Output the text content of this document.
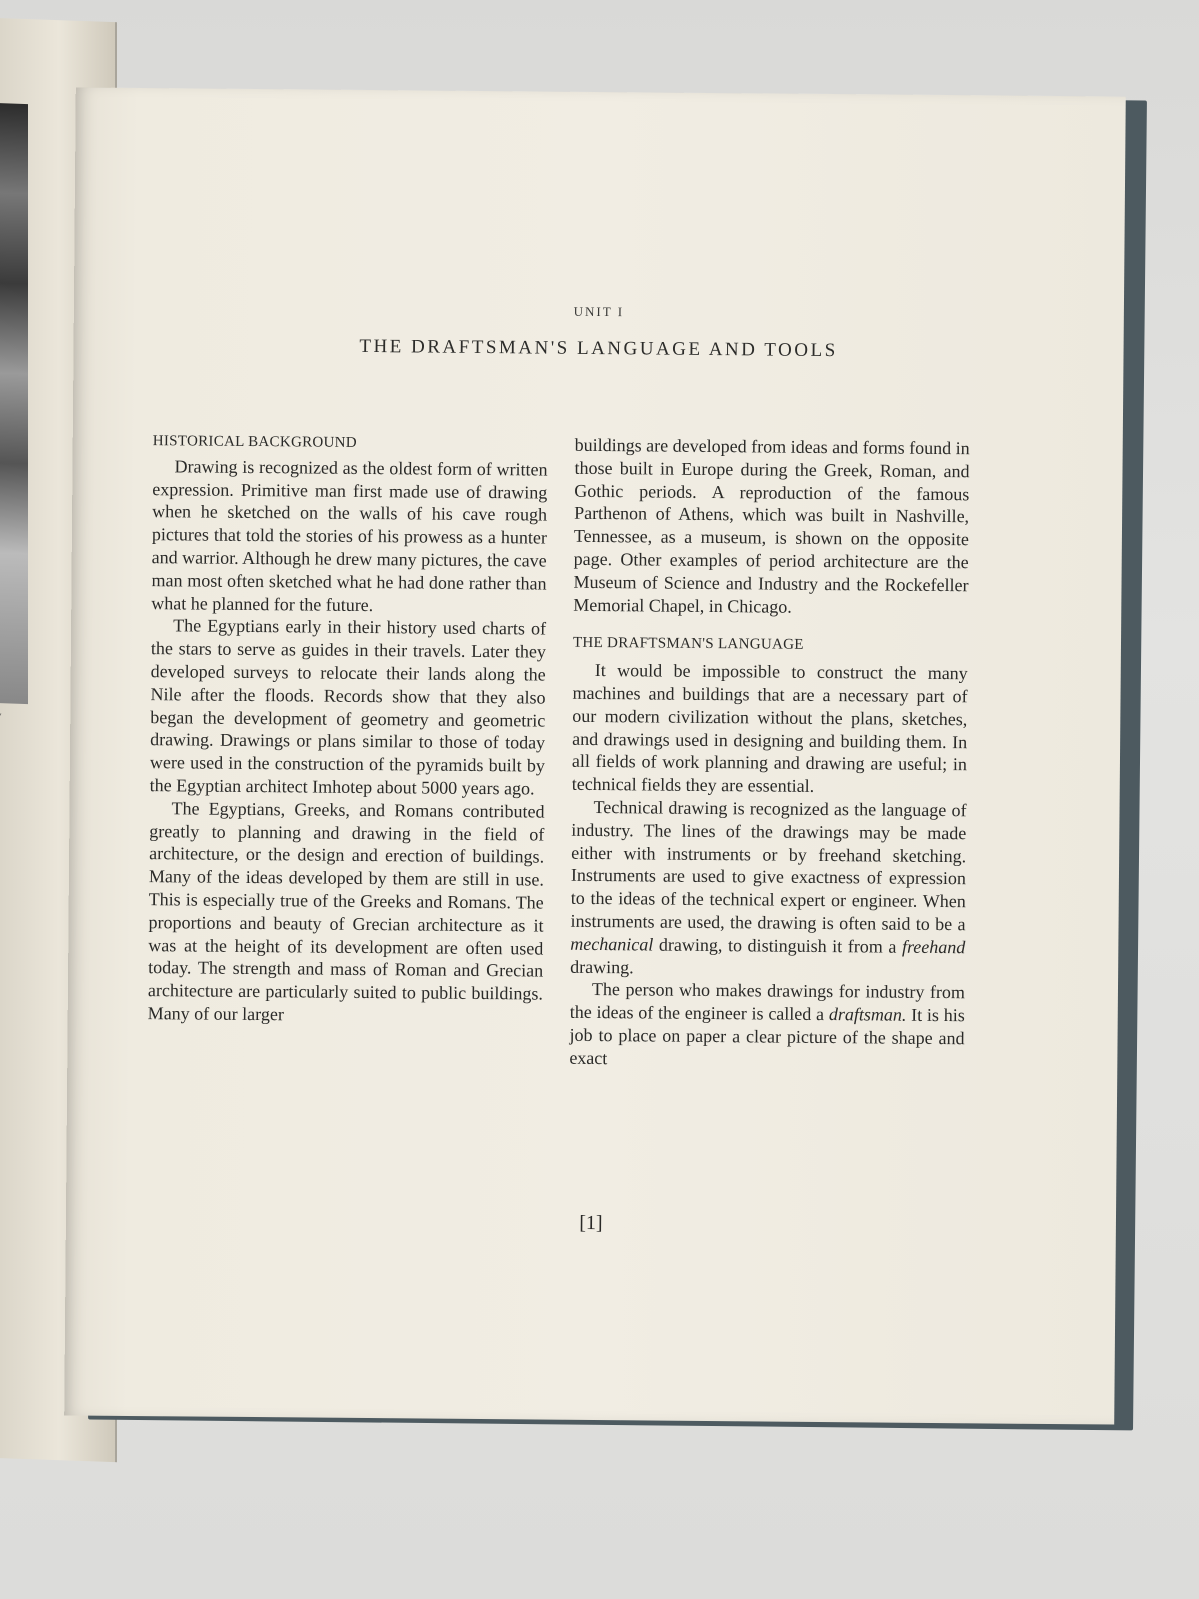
UNIT I
THE DRAFTSMAN'S LANGUAGE AND TOOLS
HISTORICAL BACKGROUND

Drawing is recognized as the oldest form of written expression. Primitive man first made use of drawing when he sketched on the walls of his cave rough pictures that told the stories of his prowess as a hunter and warrior. Although he drew many pictures, the cave man most often sketched what he had done rather than what he planned for the future.

The Egyptians early in their history used charts of the stars to serve as guides in their travels. Later they developed surveys to relocate their lands along the Nile after the floods. Records show that they also began the development of geometry and geometric drawing. Drawings or plans similar to those of today were used in the construction of the pyramids built by the Egyptian architect Imhotep about 5000 years ago.

The Egyptians, Greeks, and Romans contributed greatly to planning and drawing in the field of architecture, or the design and erection of buildings. Many of the ideas developed by them are still in use. This is especially true of the Greeks and Romans. The proportions and beauty of Grecian architecture as it was at the height of its development are often used today. The strength and mass of Roman and Grecian architecture are particularly suited to public buildings. Many of our larger

buildings are developed from ideas and forms found in those built in Europe during the Greek, Roman, and Gothic periods. A reproduction of the famous Parthenon of Athens, which was built in Nashville, Tennessee, as a museum, is shown on the opposite page. Other examples of period architecture are the Museum of Science and Industry and the Rockefeller Memorial Chapel, in Chicago.

THE DRAFTSMAN'S LANGUAGE

It would be impossible to construct the many machines and buildings that are a necessary part of our modern civilization without the plans, sketches, and drawings used in designing and building them. In all fields of work planning and drawing are useful; in technical fields they are essential.

Technical drawing is recognized as the language of industry. The lines of the drawings may be made either with instruments or by freehand sketching. Instruments are used to give exactness of expression to the ideas of the technical expert or engineer. When instruments are used, the drawing is often said to be a mechanical drawing, to distinguish it from a freehand drawing.

The person who makes drawings for industry from the ideas of the engineer is called a draftsman. It is his job to place on paper a clear picture of the shape and exact

[1]
